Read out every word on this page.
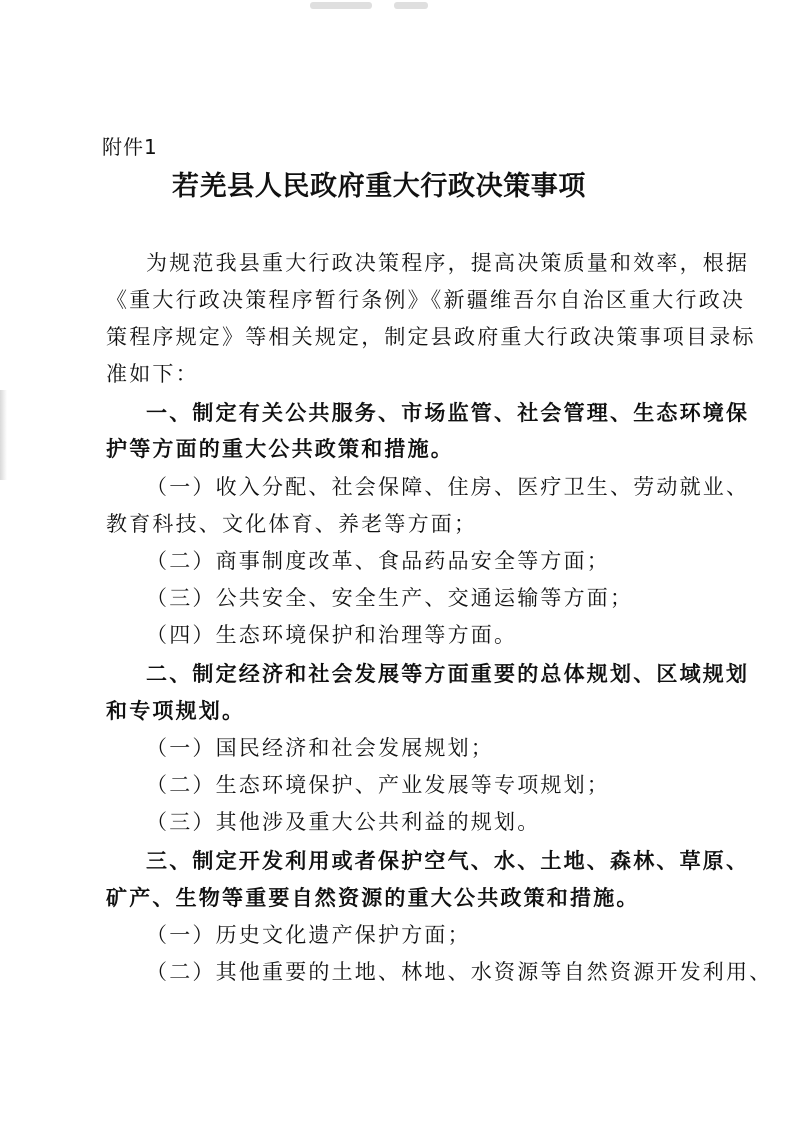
附件1
若羌县人民政府重大行政决策事项
为规范我县重大行政决策程序，提高决策质量和效率，根据
《重大行政决策程序暂行条例》《新疆维吾尔自治区重大行政决
策程序规定》等相关规定，制定县政府重大行政决策事项目录标
准如下：
一、制定有关公共服务、市场监管、社会管理、生态环境保
护等方面的重大公共政策和措施。
（一）收入分配、社会保障、住房、医疗卫生、劳动就业、
教育科技、文化体育、养老等方面；
（二）商事制度改革、食品药品安全等方面；
（三）公共安全、安全生产、交通运输等方面；
（四）生态环境保护和治理等方面。
二、制定经济和社会发展等方面重要的总体规划、区域规划
和专项规划。
（一）国民经济和社会发展规划；
（二）生态环境保护、产业发展等专项规划；
（三）其他涉及重大公共利益的规划。
三、制定开发利用或者保护空气、水、土地、森林、草原、
矿产、生物等重要自然资源的重大公共政策和措施。
（一）历史文化遗产保护方面；
（二）其他重要的土地、林地、水资源等自然资源开发利用、
